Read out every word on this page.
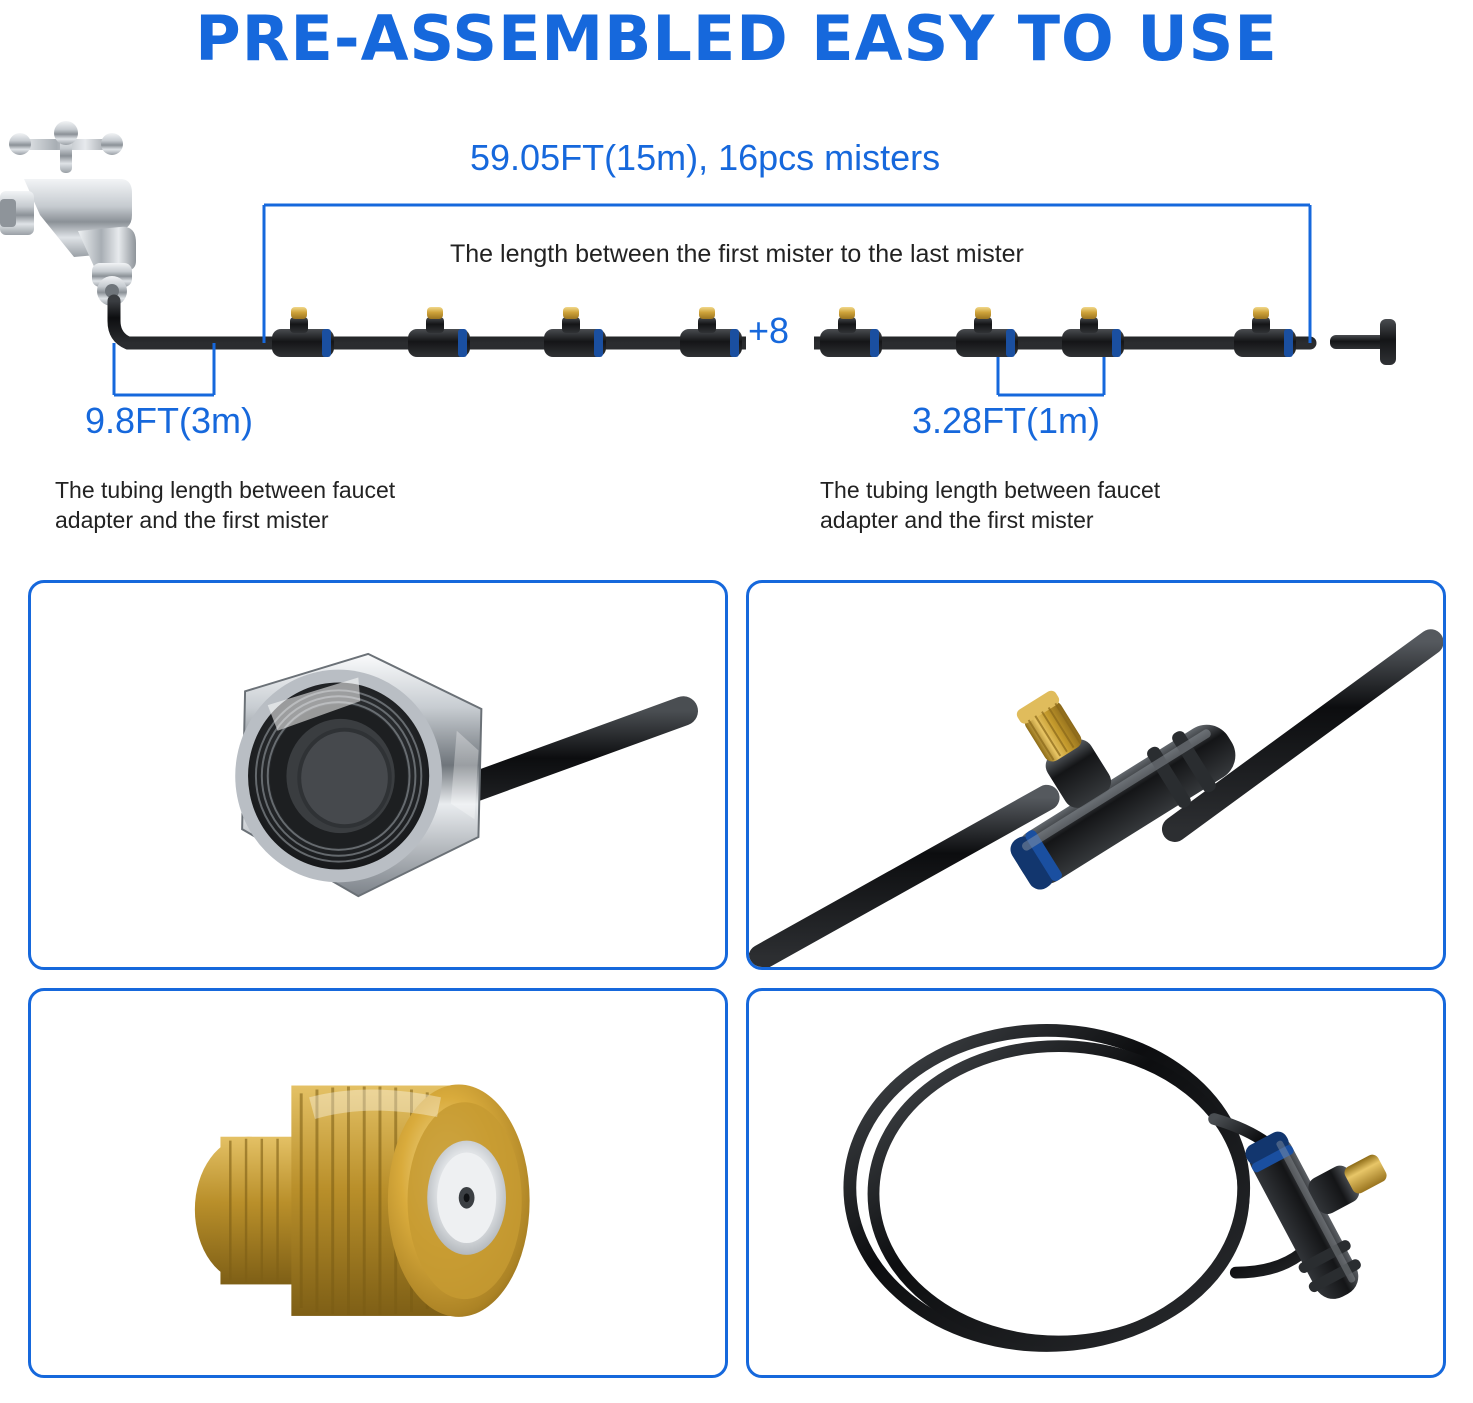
PRE-ASSEMBLED EASY TO USE
59.05FT(15m), 16pcs misters
The length between the first mister to the last mister
+8
9.8FT(3m)	3.28FT(1m)
The tubing length between faucet
adapter and the first mister
The tubing length between faucet
adapter and the first mister
